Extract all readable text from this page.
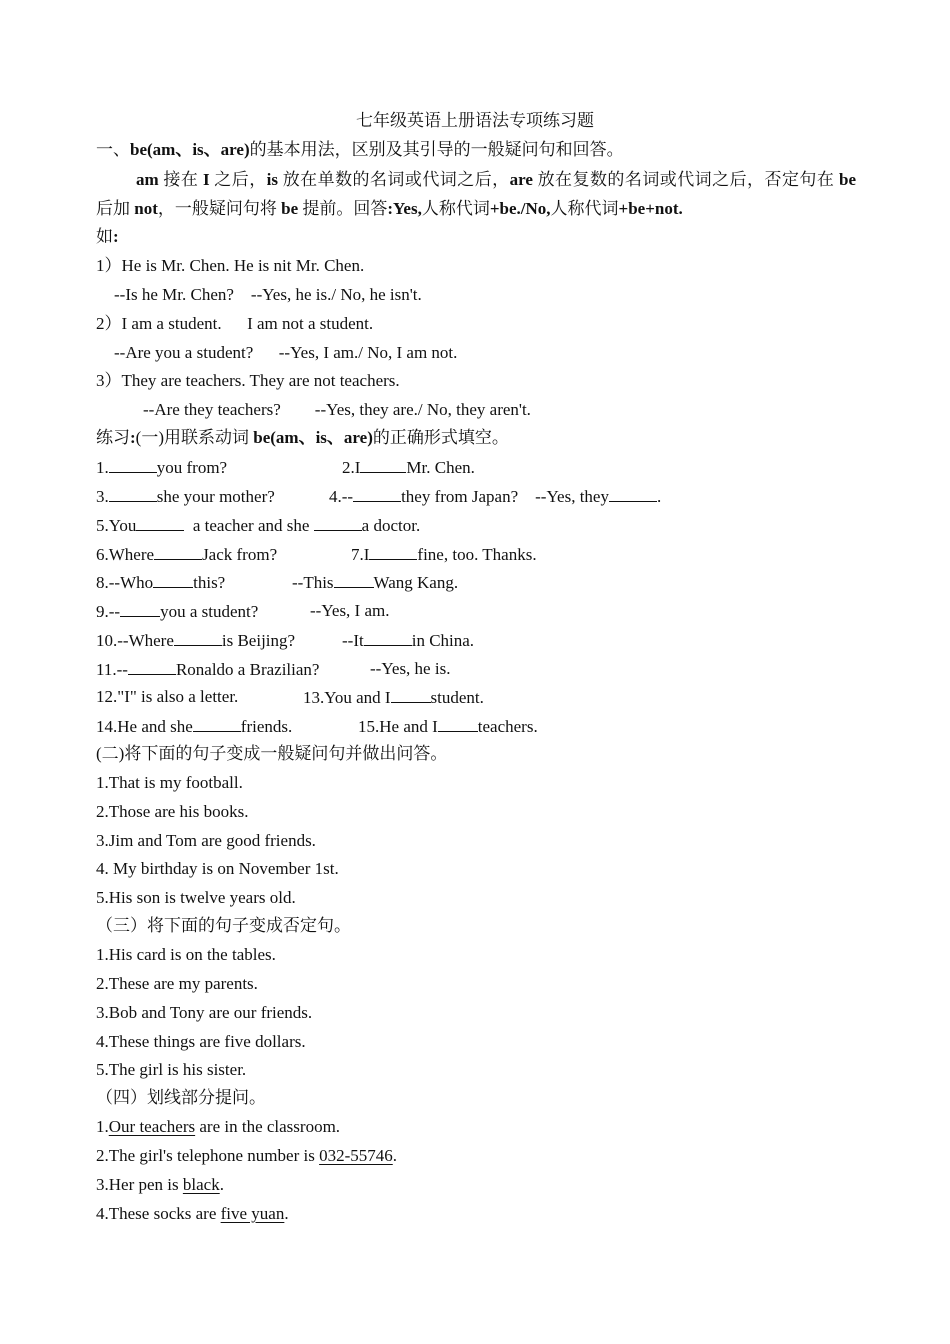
七年级英语上册语法专项练习题
一、be(am、is、are)的基本用法，区别及其引导的一般疑问句和回答。
am 接在 I 之后，is 放在单数的名词或代词之后，are 放在复数的名词或代词之后，否定句在 be 后加 not，一般疑问句将 be 提前。回答:Yes,人称代词+be./No,人称代词+be+not.
如:
1）He is Mr. Chen. He is nit Mr. Chen.
--Is he Mr. Chen?    --Yes, he is./ No, he isn't.
2）I am a student.      I am not a student.
--Are you a student?      --Yes, I am./ No, I am not.
3）They are teachers. They are not teachers.
--Are they teachers?        --Yes, they are./ No, they aren't.
练习:(一)用联系动词 be(am、is、are)的正确形式填空。
1.	you from?	2.I	Mr. Chen.
3.	she your mother?	4.--	they from Japan?    --Yes, they	.
5.You	a teacher and she	a doctor.
6.Where	Jack from?	7.I	fine, too. Thanks.
8.--Who this?	--This Wang Kang.
9.-- you a student?	--Yes, I am.
10.--Where	is Beijing?	--It	in China.
11.--	Ronaldo a Brazilian?	--Yes, he is.
12."I" is also a letter.	13.You and I student.
14.He and she	friends.	15.He and I teachers.
(二)将下面的句子变成一般疑问句并做出问答。
1.That is my football.
2.Those are his books.
3.Jim and Tom are good friends.
4. My birthday is on November 1st.
5.His son is twelve years old.
（三）将下面的句子变成否定句。
1.His card is on the tables.
2.These are my parents.
3.Bob and Tony are our friends.
4.These things are five dollars.
5.The girl is his sister.
（四）划线部分提问。
1.Our teachers are in the classroom.
2.The girl's telephone number is 032-55746.
3.Her pen is black.
4.These socks are five yuan.
